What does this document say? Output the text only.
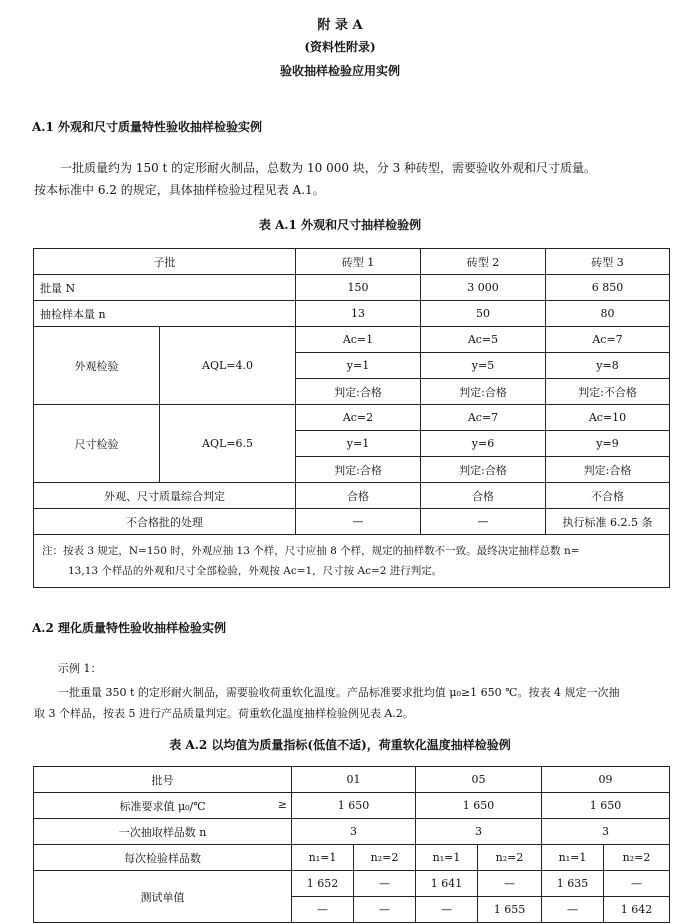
附 录 A
(资料性附录)
验收抽样检验应用实例
A.1 外观和尺寸质量特性验收抽样检验实例
一批质量约为 150 t 的定形耐火制品，总数为 10 000 块，分 3 种砖型，需要验收外观和尺寸质量。
按本标准中 6.2 的规定，具体抽样检验过程见表 A.1。
表 A.1 外观和尺寸抽样检验例
子批		砖型 1	砖型 2	砖型 3
批量 N		150	3 000	6 850
抽检样本量 n		13	50	80
外观检验	AQL=4.0	Ac=1	Ac=5	Ac=7
		y=1	y=5	y=8
		判定:合格	判定:合格	判定:不合格
尺寸检验	AQL=6.5	Ac=2	Ac=7	Ac=10
		y=1	y=6	y=9
		判定:合格	判定:合格	判定:合格
外观、尺寸质量综合判定		合格	合格	不合格
不合格批的处理		—	—	执行标准 6.2.5 条

注：按表 3 规定，N=150 时，外观应抽 13 个样，尺寸应抽 8 个样，规定的抽样数不一致。最终决定抽样总数 n=
13,13 个样品的外观和尺寸全部检验，外观按 Ac=1，尺寸按 Ac=2 进行判定。				
A.2 理化质量特性验收抽样检验实例
示例 1：
一批重量 350 t 的定形耐火制品，需要验收荷重软化温度。产品标准要求批均值 μ₀≥1 650 ℃。按表 4 规定一次抽
取 3 个样品，按表 5 进行产品质量判定。荷重软化温度抽样检验例见表 A.2。
表 A.2 以均值为质量指标(低值不适)，荷重软化温度抽样检验例
批号	01		05		09	
标准要求值 μ₀/℃ ≥	1 650		1 650		1 650	
一次抽取样品数 n	3		3		3	
每次检验样品数	n₁=1	n₂=2	n₁=1	n₂=2	n₁=1	n₂=2
测试单值	1 652	—	1 641	—	1 635	—
	—	—	—	1 655	—	1 642
